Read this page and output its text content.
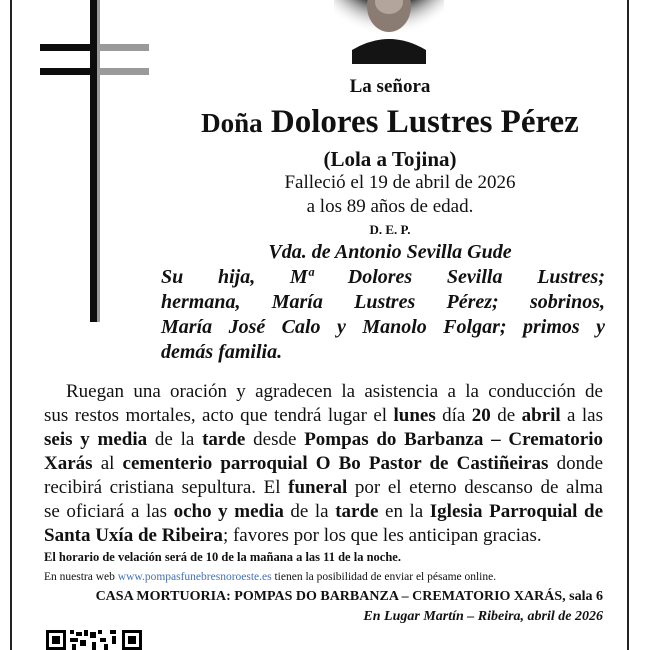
La señora

Doña Dolores Lustres Pérez

(Lola a Tojina)

Falleció el 19 de abril de 2026

a los 89 años de edad.

D. E. P.

Vda. de Antonio Sevilla Gude

Su hija, Mª Dolores Sevilla Lustres;

hermana, María Lustres Pérez; sobrinos,

María José Calo y Manolo Folgar; primos y

demás familia.

Ruegan una oración y agradecen la asistencia a la conducción de

sus restos mortales, acto que tendrá lugar el lunes día 20 de abril a las

seis y media de la tarde desde Pompas do Barbanza – Crematorio

Xarás al cementerio parroquial O Bo Pastor de Castiñeiras donde

recibirá cristiana sepultura. El funeral por el eterno descanso de alma

se oficiará a las ocho y media de la tarde en la Iglesia Parroquial de

Santa Uxía de Ribeira; favores por los que les anticipan gracias.

El horario de velación será de 10 de la mañana a las 11 de la noche.

En nuestra web www.pompasfunebresnoroeste.es tienen la posibilidad de enviar el pésame online.

CASA MORTUORIA: POMPAS DO BARBANZA – CREMATORIO XARÁS, sala 6

En Lugar Martín – Ribeira, abril de 2026
